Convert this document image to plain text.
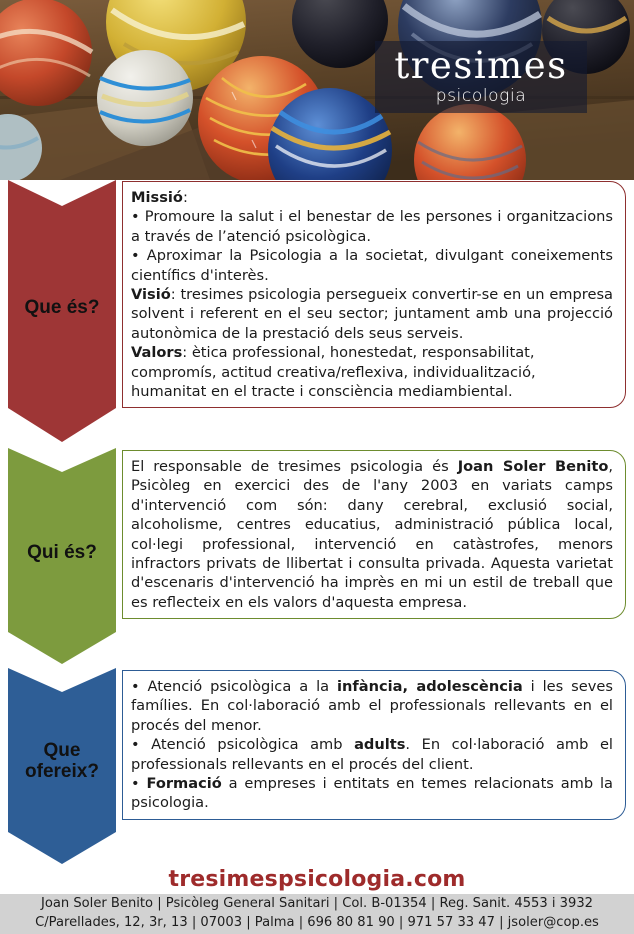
tresimes
psicologia
Que és?

Missió:

• Promoure la salut i el benestar de les persones i organitzacions a través de l’atenció psicològica.

• Aproximar la Psicologia a la societat, divulgant coneixements científics d'interès.

Visió: tresimes psicologia persegueix convertir-se en un empresa solvent i referent en el seu sector; juntament amb una projecció autonòmica de la prestació dels seus serveis.

Valors: ètica professional, honestedat, responsabilitat, compromís, actitud creativa/reflexiva, individualització, humanitat en el tracte i consciència mediambiental.

Qui és?

El responsable de tresimes psicologia és Joan Soler Benito, Psicòleg en exercici des de l'any 2003 en variats camps d'intervenció com són: dany cerebral, exclusió social, alcoholisme, centres educatius, administració pública local, col·legi professional, intervenció en catàstrofes, menors infractors privats de llibertat i consulta privada. Aquesta varietat d'escenaris d'intervenció ha imprès en mi un estil de treball que es reflecteix en els valors d'aquesta empresa.

Que ofereix?

• Atenció psicològica a la infància, adolescència i les seves famílies. En col·laboració amb el professionals rellevants en el procés del menor.

• Atenció psicològica amb adults. En col·laboració amb el professionals rellevants en el procés del client.

• Formació a empreses i entitats en temes relacionats amb la psicologia.

tresimespsicologia.com
Joan Soler Benito | Psicòleg General Sanitari | Col. B-01354 | Reg. Sanit. 4553 i 3932
C/Parellades, 12, 3r, 13 | 07003 | Palma | 696 80 81 90 | 971 57 33 47 | jsoler@cop.es
